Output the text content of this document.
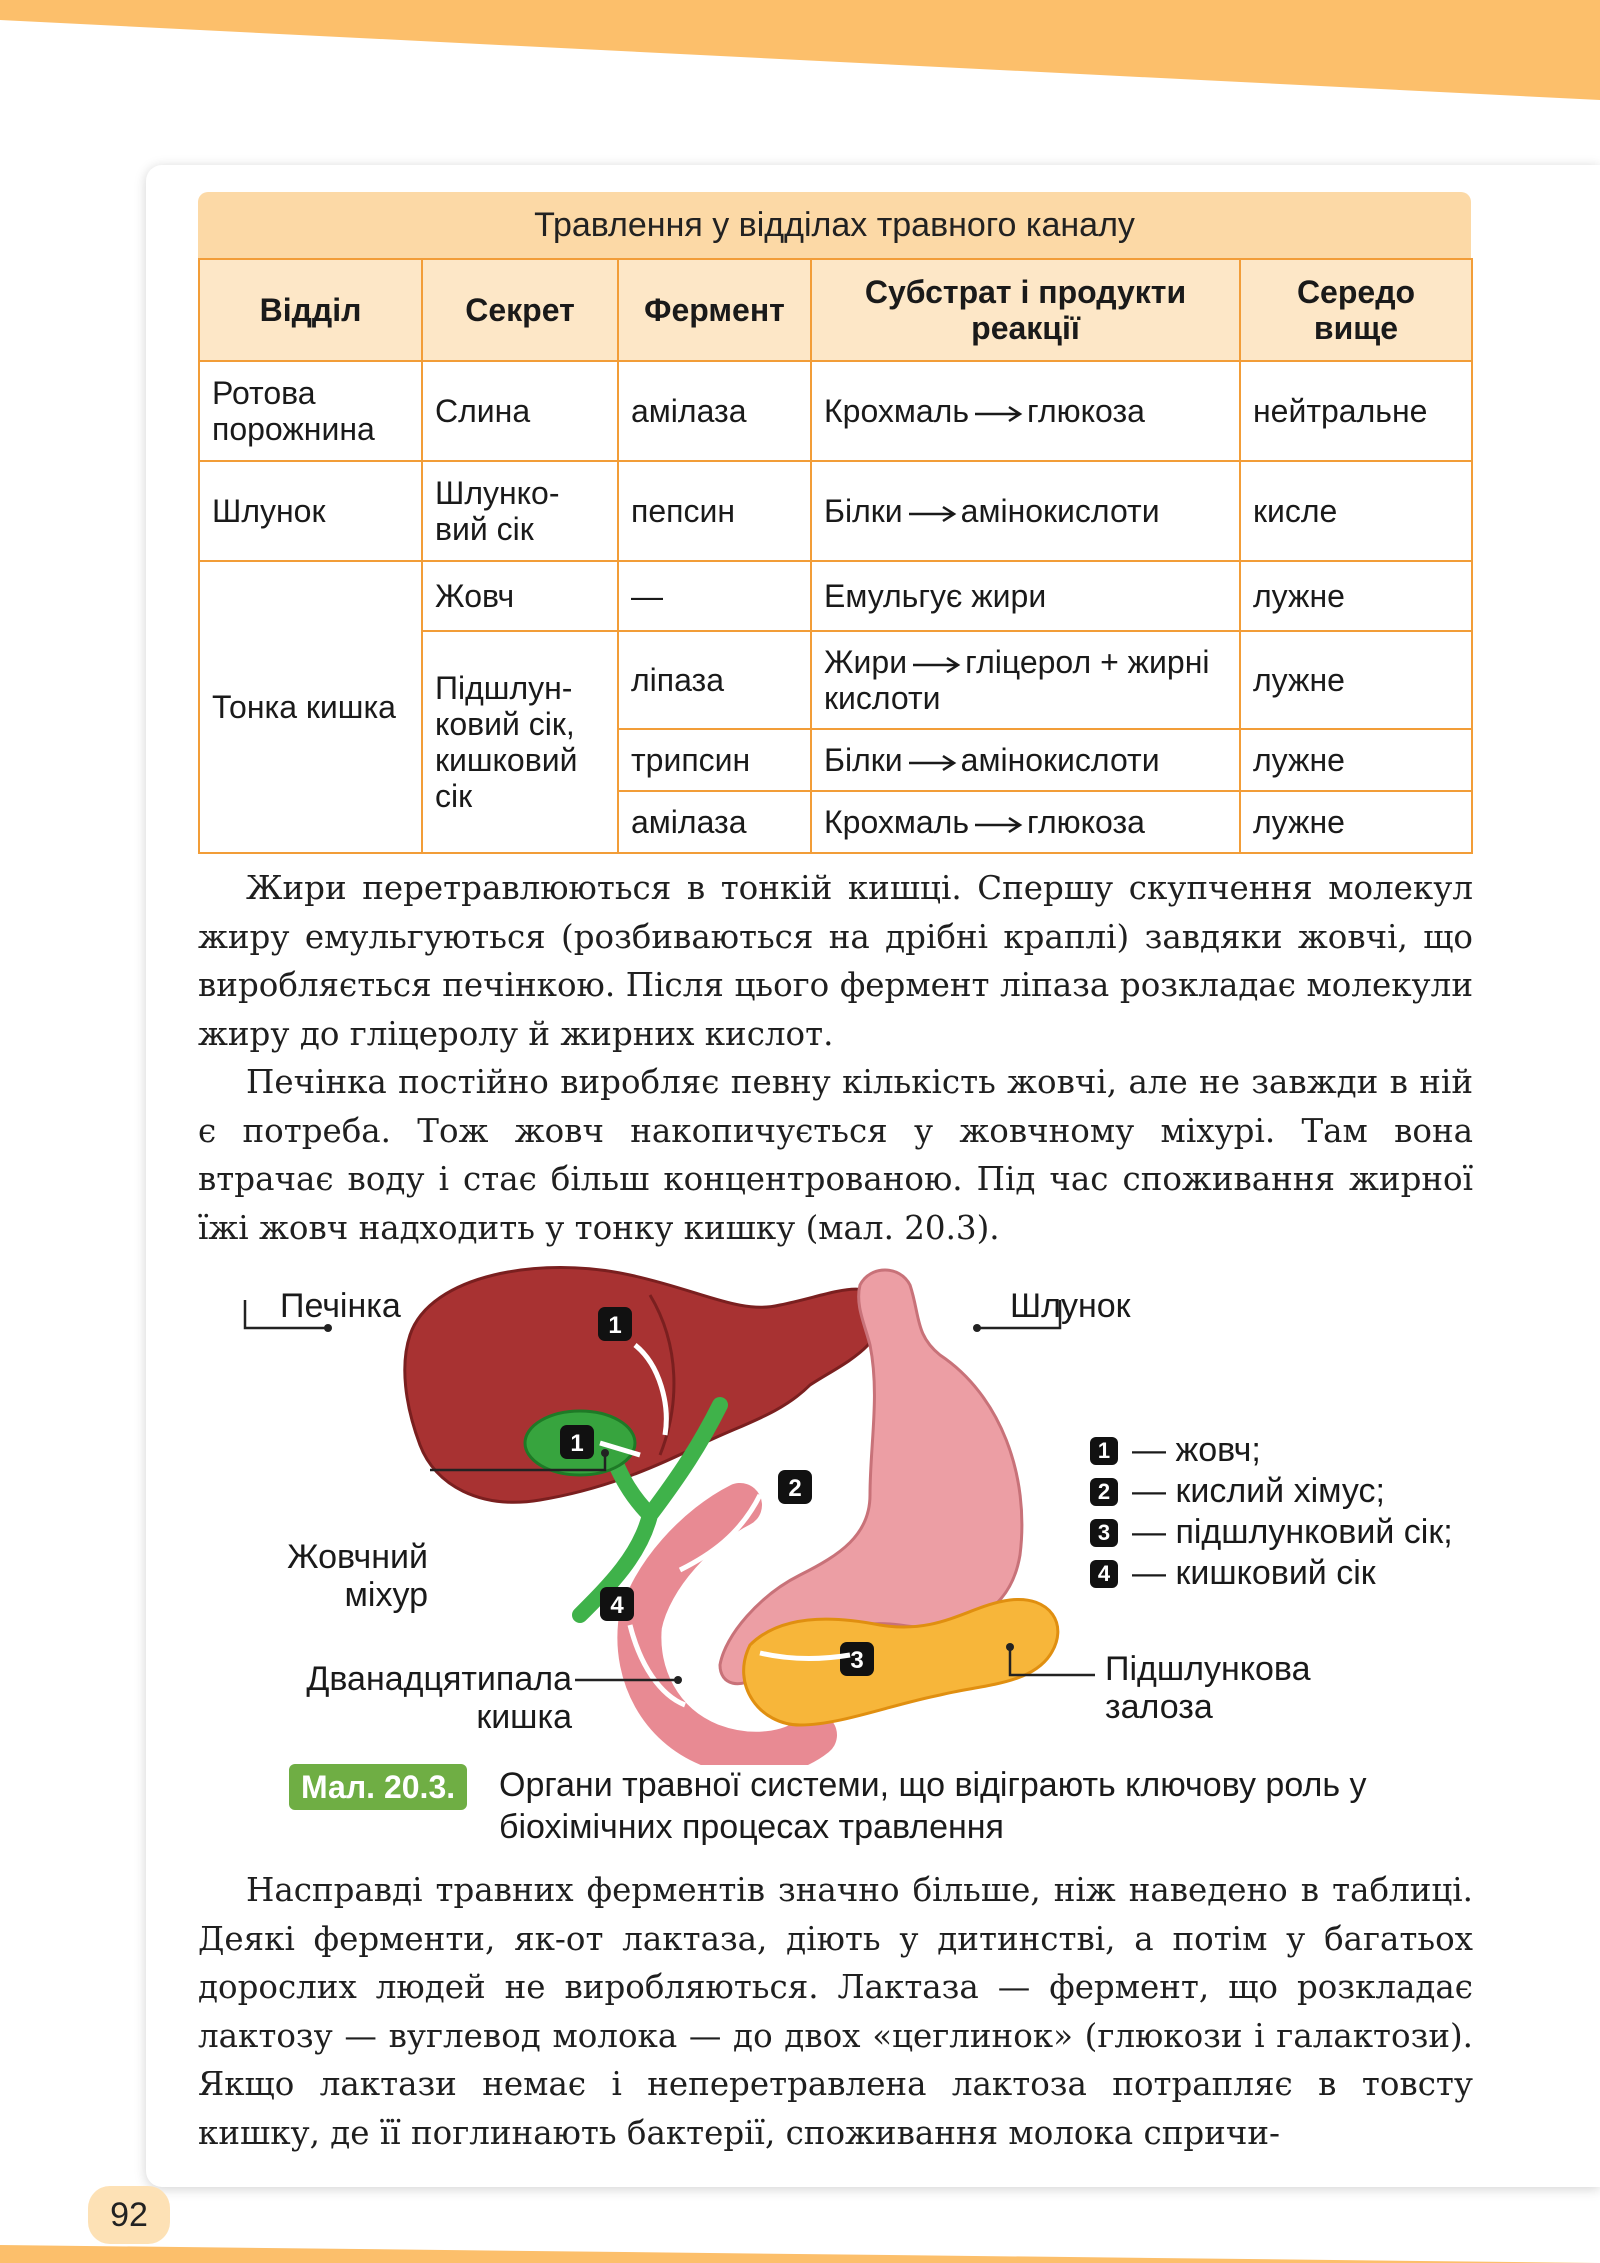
Травлення у відділах травного каналу
Відділ	Секрет	Фермент	Субстрат і продукти реакції	Середо вище
Ротова порожнина	Слина	амілаза	Крохмаль глюкоза	нейтральне
Шлунок	Шлунко-вий сік	пепсин	Білки амінокислоти	кисле
Тонка кишка	Жовч	—	Емульгує жири	лужне
	Підшлун-ковий сік, кишковий сік	ліпаза	Жири гліцерол + жирні кислоти	лужне
		трипсин	Білки амінокислоти	лужне
		амілаза	Крохмаль глюкоза	лужне

Жири перетравлюються в тонкій кишці. Спершу скупчення молекул жиру емульгуються (розбиваються на дрібні краплі) завдяки жовчі, що виробляється печінкою. Після цього фермент ліпаза розкладає молекули жиру до гліцеролу й жирних кислот.

Печінка постійно виробляє певну кількість жовчі, але не завжди в ній є потреба. Тож жовч накопичується у жовчному міхурі. Там вона втрачає воду і стає більш концентрованою. Під час споживання жирної їжі жовч надходить у тонку кишку (мал. 20.3).

1
1
2
3
4
Печінка	Шлунок
Жовчний міхур
Дванадцятипала кишка
Підшлункова залоза
1 — жовч;
2 — кислий хімус;
3 — підшлунковий сік;
4 — кишковий сік
Мал. 20.3.	Органи травної системи, що відіграють ключову роль у біохімічних процесах травлення

Насправді травних ферментів значно більше, ніж наведено в таблиці. Деякі ферменти, як-от лактаза, діють у дитинстві, а потім у багатьох дорослих людей не виробляються. Лактаза — фермент, що розкладає лактозу — вуглевод молока — до двох «цеглинок» (глюкози і галактози). Якщо лактази немає і неперетравлена лактоза потрапляє в товсту кишку, де її поглинають бактерії, споживання молока спричи-

92
